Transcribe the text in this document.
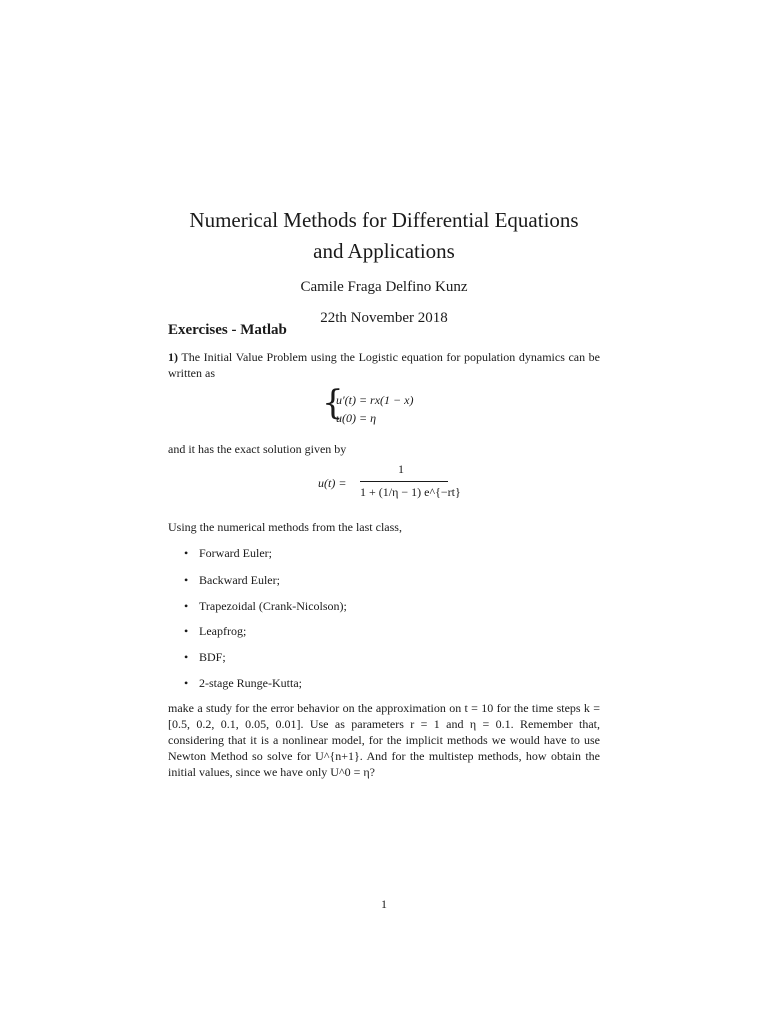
Numerical Methods for Differential Equations
and Applications
Camile Fraga Delfino Kunz
22th November 2018
Exercises - Matlab
1) The Initial Value Problem using the Logistic equation for population dynamics can be written as
{
u′(t) = rx(1 − x)
u(0) = η
and it has the exact solution given by
u(t) =
1
1 + (1/η − 1) e^{−rt}
Using the numerical methods from the last class,
• Forward Euler;
• Backward Euler;
• Trapezoidal (Crank-Nicolson);
• Leapfrog;
• BDF;
• 2-stage Runge-Kutta;
make a study for the error behavior on the approximation on t = 10 for the time steps k = [0.5, 0.2, 0.1, 0.05, 0.01]. Use as parameters r = 1 and η = 0.1. Remember that, considering that it is a nonlinear model, for the implicit methods we would have to use Newton Method so solve for U^{n+1}. And for the multistep methods, how obtain the initial values, since we have only U^0 = η?
1
